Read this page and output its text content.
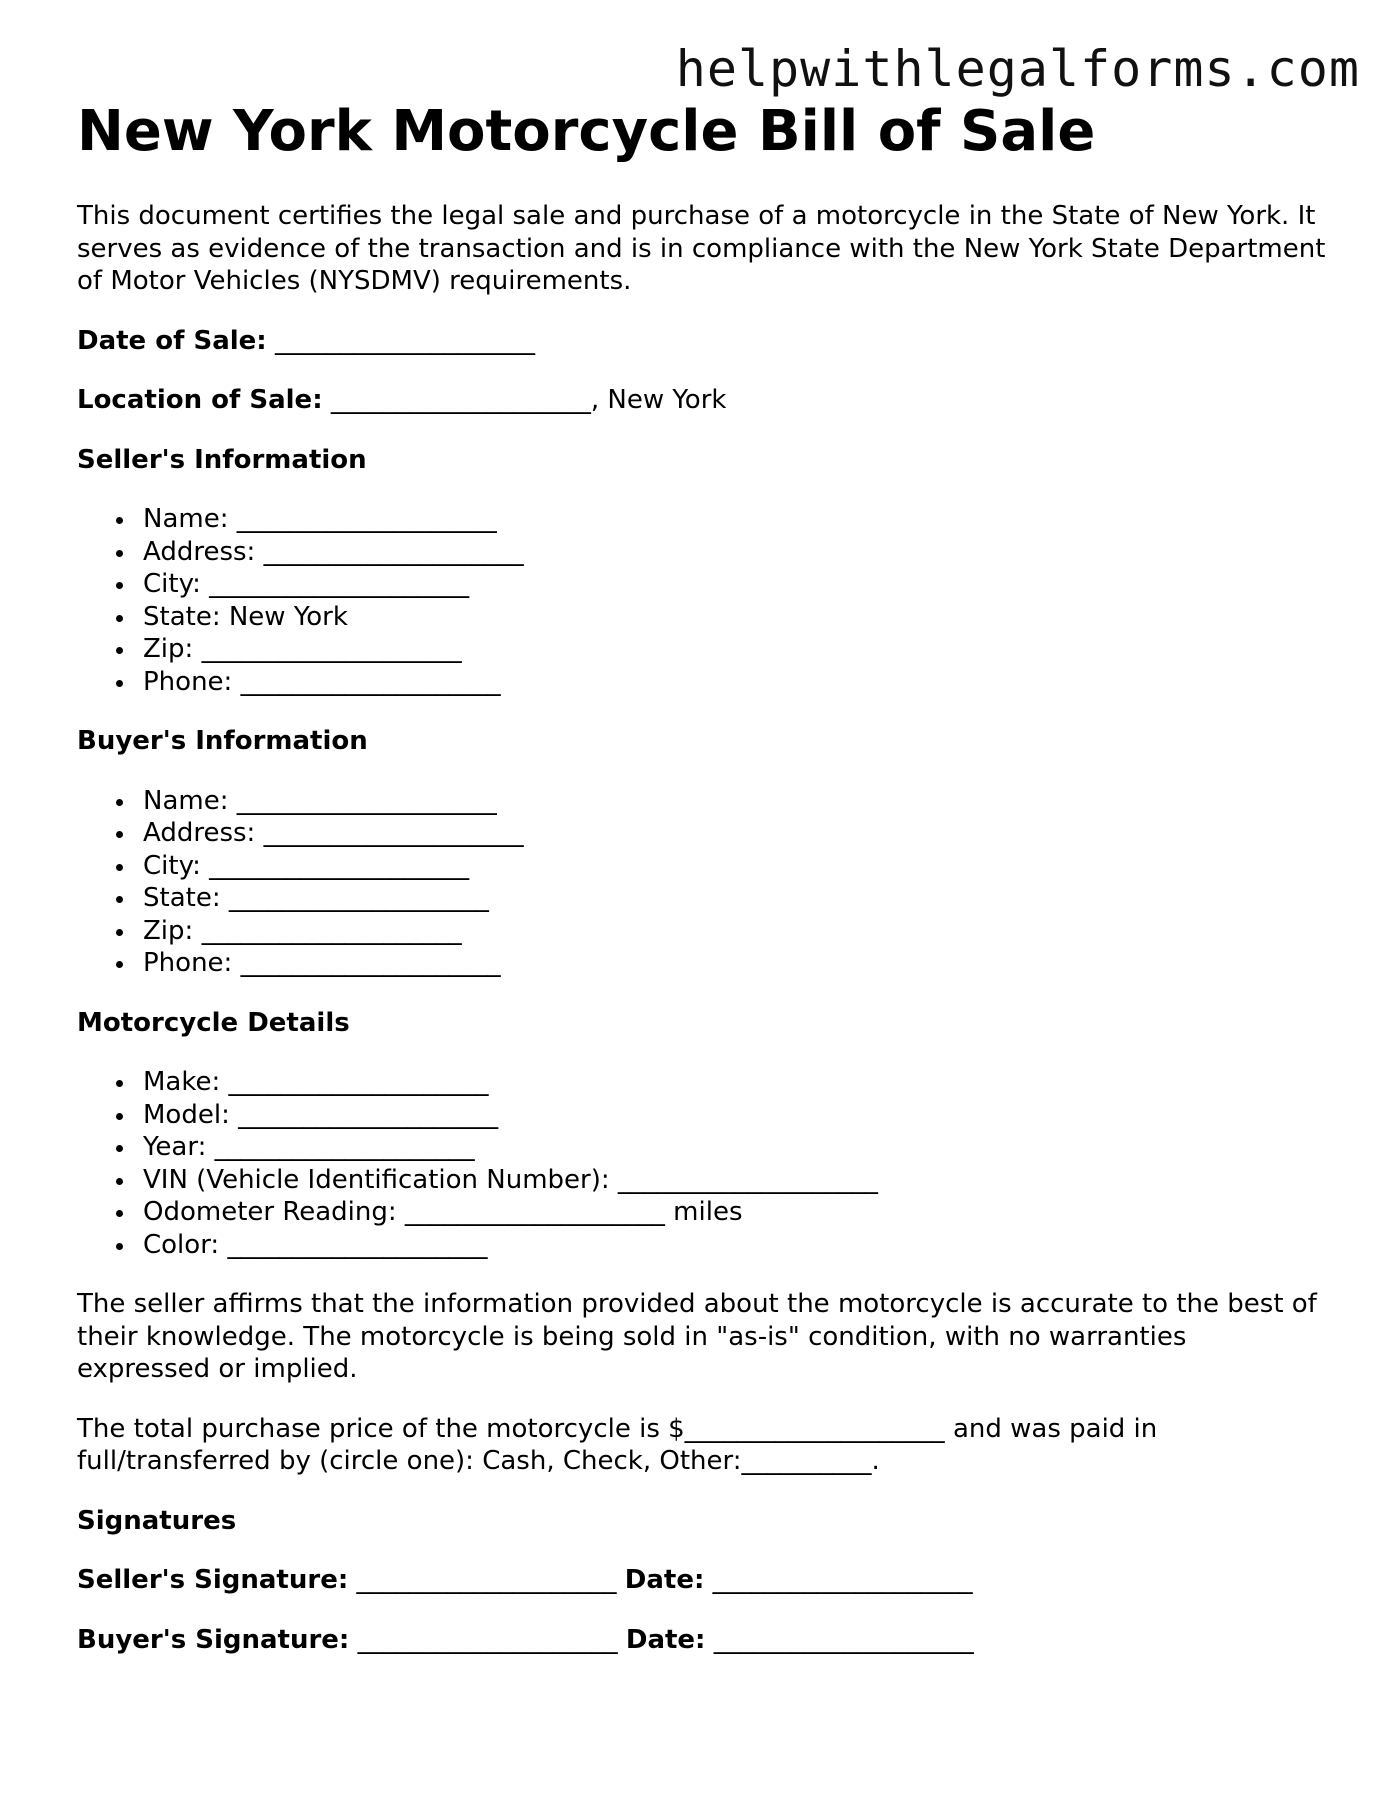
helpwithlegalforms.com
New York Motorcycle Bill of Sale

This document certifies the legal sale and purchase of a motorcycle in the State of New York. It serves as evidence of the transaction and is in compliance with the New York State Department of Motor Vehicles (NYSDMV) requirements.

Date of Sale: ____________________

Location of Sale: ____________________, New York

Seller's Information
Name: ____________________
Address: ____________________
City: ____________________
State: New York
Zip: ____________________
Phone: ____________________
Buyer's Information
Name: ____________________
Address: ____________________
City: ____________________
State: ____________________
Zip: ____________________
Phone: ____________________
Motorcycle Details
Make: ____________________
Model: ____________________
Year: ____________________
VIN (Vehicle Identification Number): ____________________
Odometer Reading: ____________________ miles
Color: ____________________

The seller affirms that the information provided about the motorcycle is accurate to the best of their knowledge. The motorcycle is being sold in "as-is" condition, with no warranties expressed or implied.

The total purchase price of the motorcycle is $____________________ and was paid in full/transferred by (circle one): Cash, Check, Other:__________.

Signatures

Seller's Signature: ____________________ Date: ____________________

Buyer's Signature: ____________________ Date: ____________________
